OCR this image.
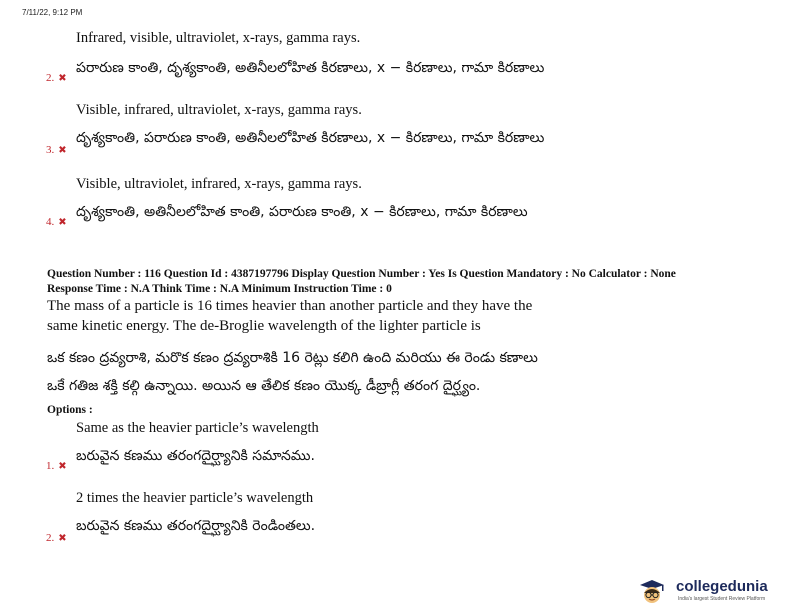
7/11/22, 9:12 PM
Infrared, visible, ultraviolet, x-rays, gamma rays.
పరారుణ కాంతి, దృశ్యకాంతి, అతినీలలోహిత కిరణాలు, x − కిరణాలు, గామా కిరణాలు
2. ✖
Visible, infrared, ultraviolet, x-rays, gamma rays.
దృశ్యకాంతి, పరారుణ కాంతి, అతినీలలోహిత కిరణాలు, x − కిరణాలు, గామా కిరణాలు
3. ✖
Visible, ultraviolet, infrared, x-rays, gamma rays.
దృశ్యకాంతి, అతినీలలోహిత కాంతి, పరారుణ కాంతి, x − కిరణాలు, గామా కిరణాలు
4. ✖
Question Number : 116 Question Id : 4387197796 Display Question Number : Yes Is Question Mandatory : No Calculator : None
Response Time : N.A Think Time : N.A Minimum Instruction Time : 0
The mass of a particle is 16 times heavier than another particle and they have the
same kinetic energy. The de-Broglie wavelength of the lighter particle is
ఒక కణం ద్రవ్యరాశి, మరొక కణం ద్రవ్యరాశికి 16 రెట్లు కలిగి ఉంది మరియు ఈ రెండు కణాలు
ఒకే గతిజ శక్తి కల్గి ఉన్నాయి. అయిన ఆ తేలిక కణం యొక్క డీబ్రాగ్లీ తరంగ దైర్ఘ్యం.
Options :
Same as the heavier particle’s wavelength
బరువైన కణము తరంగదైర్ఘ్యానికి సమానము.
1. ✖
2 times the heavier particle’s wavelength
బరువైన కణము తరంగదైర్ఘ్యానికి రెండింతలు.
2. ✖
collegedunia
India's largest Student Review Platform
